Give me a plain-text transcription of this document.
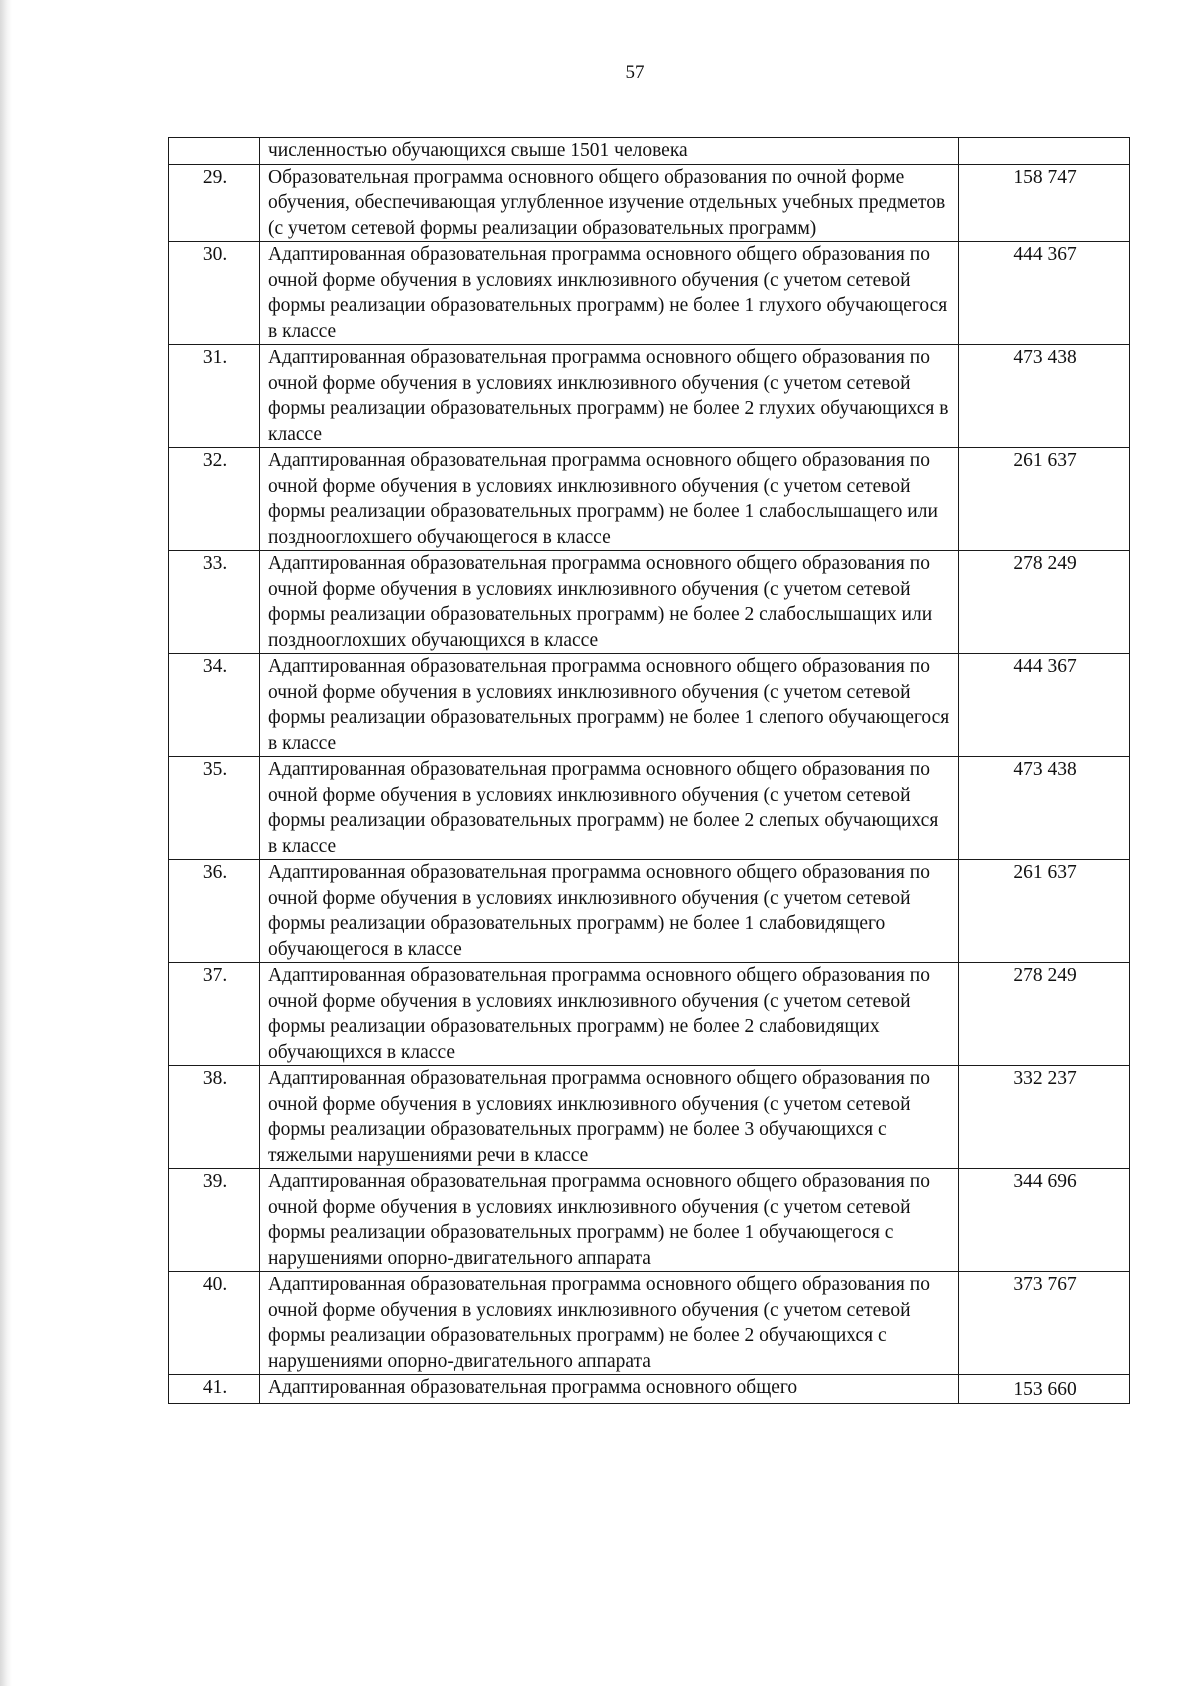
57
	численностью обучающихся свыше 1501 человека	
29.	Образовательная программа основного общего образования по очной форме обучения, обеспечивающая углубленное изучение отдельных учебных предметов (с учетом сетевой формы реализации образовательных программ)	158 747
30.	Адаптированная образовательная программа основного общего образования по очной форме обучения в условиях инклюзивного обучения (с учетом сетевой формы реализации образовательных программ) не более 1 глухого обучающегося в классе	444 367
31.	Адаптированная образовательная программа основного общего образования по очной форме обучения в условиях инклюзивного обучения (с учетом сетевой формы реализации образовательных программ) не более 2 глухих обучающихся в классе	473 438
32.	Адаптированная образовательная программа основного общего образования по очной форме обучения в условиях инклюзивного обучения (с учетом сетевой формы реализации образовательных программ) не более 1 слабослышащего или позднооглохшего обучающегося в классе	261 637
33.	Адаптированная образовательная программа основного общего образования по очной форме обучения в условиях инклюзивного обучения (с учетом сетевой формы реализации образовательных программ) не более 2 слабослышащих или позднооглохших обучающихся в классе	278 249
34.	Адаптированная образовательная программа основного общего образования по очной форме обучения в условиях инклюзивного обучения (с учетом сетевой формы реализации образовательных программ) не более 1 слепого обучающегося в классе	444 367
35.	Адаптированная образовательная программа основного общего образования по очной форме обучения в условиях инклюзивного обучения (с учетом сетевой формы реализации образовательных программ) не более 2 слепых обучающихся в классе	473 438
36.	Адаптированная образовательная программа основного общего образования по очной форме обучения в условиях инклюзивного обучения (с учетом сетевой формы реализации образовательных программ) не более 1 слабовидящего обучающегося в классе	261 637
37.	Адаптированная образовательная программа основного общего образования по очной форме обучения в условиях инклюзивного обучения (с учетом сетевой формы реализации образовательных программ) не более 2 слабовидящих обучающихся в классе	278 249
38.	Адаптированная образовательная программа основного общего образования по очной форме обучения в условиях инклюзивного обучения (с учетом сетевой формы реализации образовательных программ) не более 3 обучающихся с тяжелыми нарушениями речи в классе	332 237
39.	Адаптированная образовательная программа основного общего образования по очной форме обучения в условиях инклюзивного обучения (с учетом сетевой формы реализации образовательных программ) не более 1 обучающегося с нарушениями опорно-двигательного аппарата	344 696
40.	Адаптированная образовательная программа основного общего образования по очной форме обучения в условиях инклюзивного обучения (с учетом сетевой формы реализации образовательных программ) не более 2 обучающихся с нарушениями опорно-двигательного аппарата	373 767
41.	Адаптированная образовательная программа основного общего	153 660
